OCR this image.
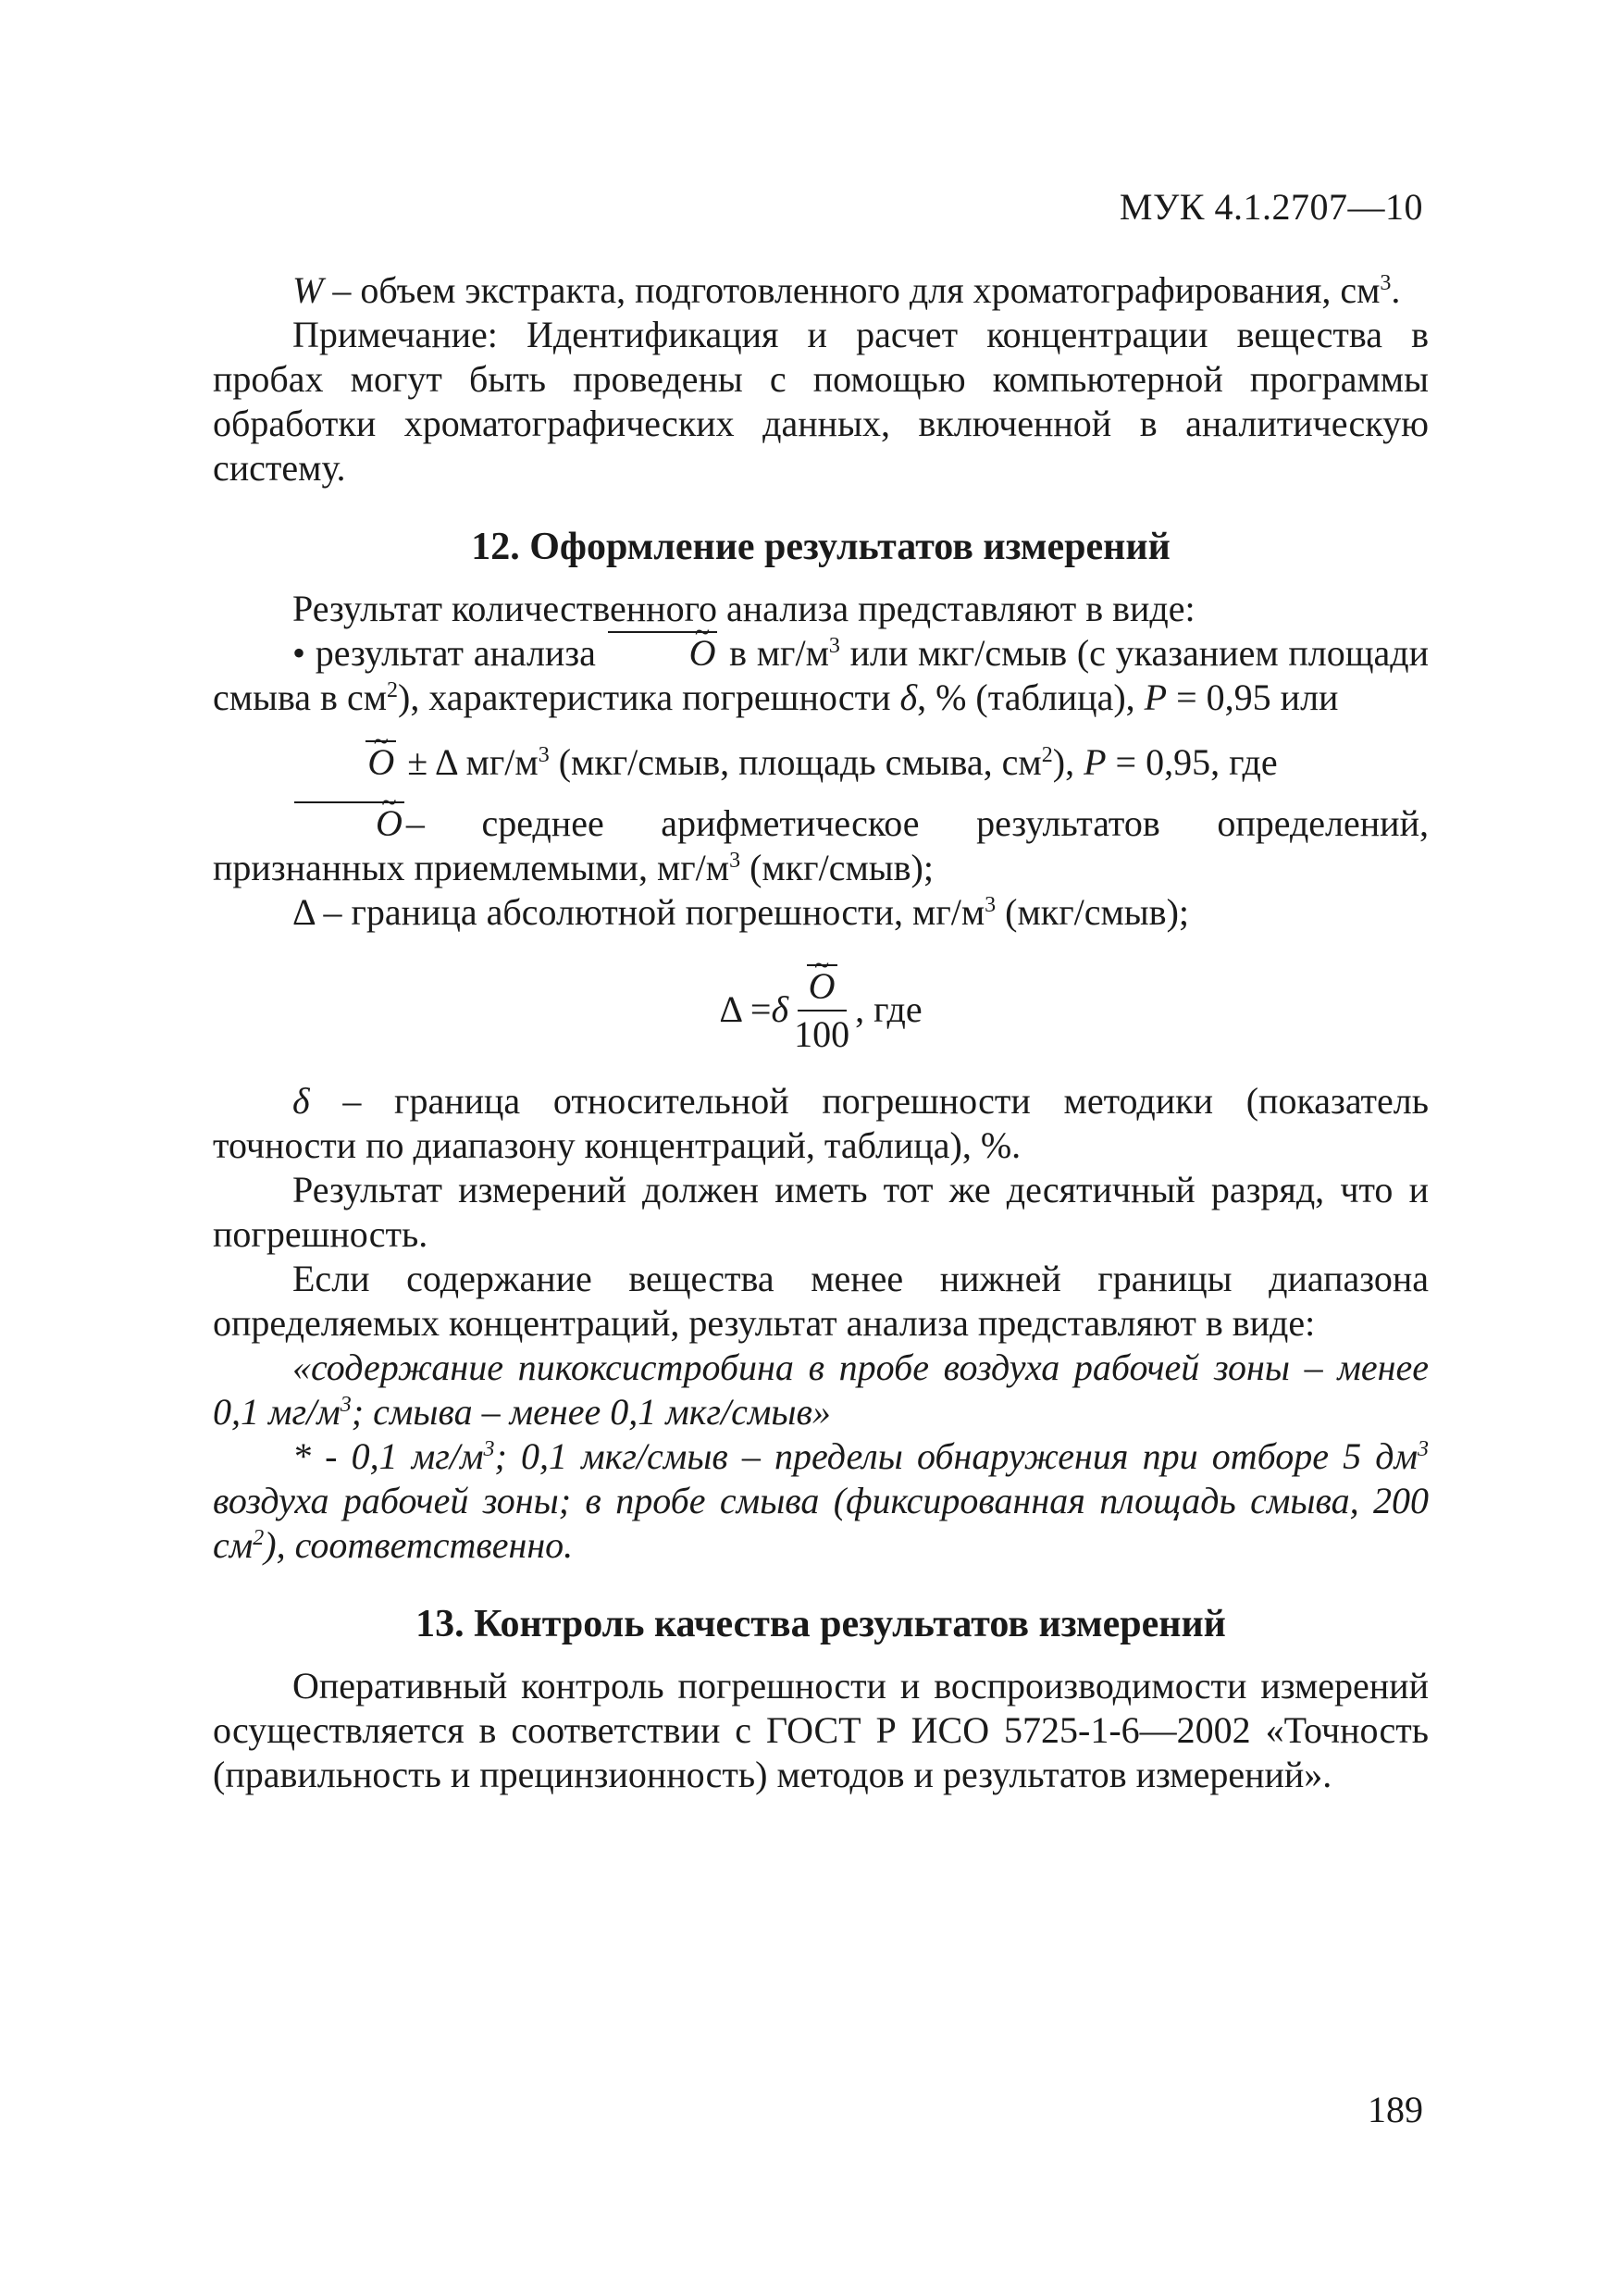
МУК 4.1.2707—10

W – объем экстракта, подготовленного для хроматографирования, $см^3$.

Примечание: Идентификация и расчет концентрации вещества в пробах могут быть проведены с помощью компьютерной программы обработки хроматографических данных, включенной в аналитическую систему.

12. Оформление результатов измерений

Результат количественного анализа представляют в виде:

• результат анализа O ~ в $мг/м^3$ или мкг/смыв (с указанием площади смыва в $см^2$), характеристика погрешности δ, % (таблица), P = 0,95 или

O ~ ± Δ $мг/м^3$ (мкг/смыв, площадь смыва, $см^2$), P = 0,95, где

O ~ – среднее арифметическое результатов определений, признанных приемлемыми, $мг/м^3$ (мкг/смыв);

Δ – граница абсолютной погрешности, $мг/м^3$ (мкг/смыв);

Δ = δ $\frac{O \sim}{100}$ , где

δ – граница относительной погрешности методики (показатель точности по диапазону концентраций, таблица), %.

Результат измерений должен иметь тот же десятичный разряд, что и погрешность.

Если содержание вещества менее нижней границы диапазона определяемых концентраций, результат анализа представляют в виде:

«содержание пикоксистробина в пробе воздуха рабочей зоны – менее 0,1 $мг/м^3$; смыва – менее 0,1 мкг/смыв»

* - 0,1 $мг/м^3$; 0,1 мкг/смыв – пределы обнаружения при отборе 5 $дм^3$ воздуха рабочей зоны; в пробе смыва (фиксированная площадь смыва, 200 $см^2$), соответственно.

13. Контроль качества результатов измерений

Оперативный контроль погрешности и воспроизводимости измерений осуществляется в соответствии с ГОСТ Р ИСО 5725-1-6—2002 «Точность (правильность и прецинзионность) методов и результатов измерений».

189
